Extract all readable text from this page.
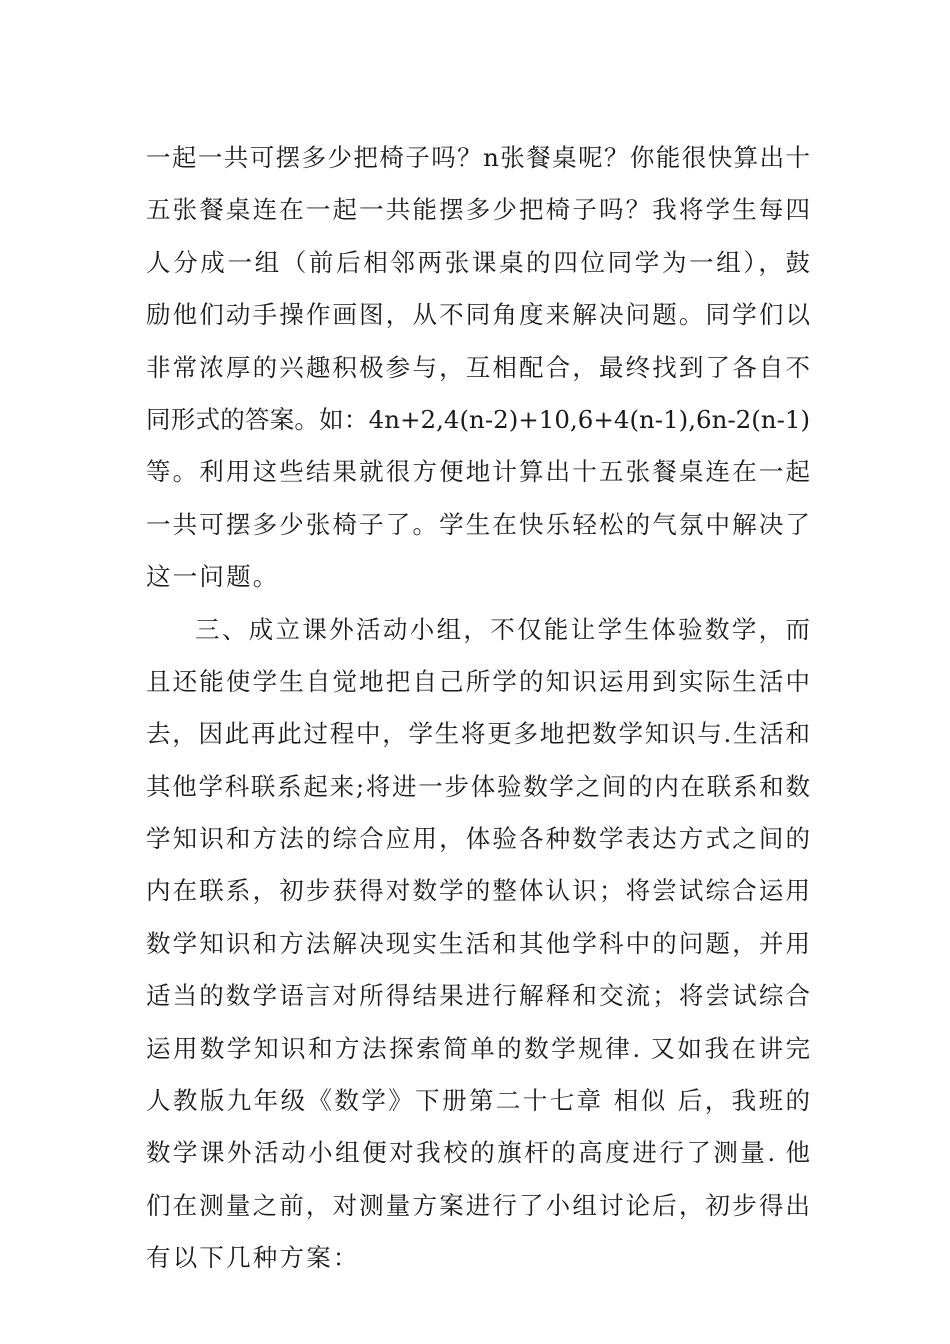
一起一共可摆多少把椅子吗？n张餐桌呢？你能很快算出十
五张餐桌连在一起一共能摆多少把椅子吗？我将学生每四
人分成一组（前后相邻两张课桌的四位同学为一组），鼓
励他们动手操作画图，从不同角度来解决问题。同学们以
非常浓厚的兴趣积极参与，互相配合，最终找到了各自不
同形式的答案。如：4n+2,4(n-2)+10,6+4(n-1),6n-2(n-1)
等。利用这些结果就很方便地计算出十五张餐桌连在一起
一共可摆多少张椅子了。学生在快乐轻松的气氛中解决了
这一问题。
三、成立课外活动小组，不仅能让学生体验数学，而
且还能使学生自觉地把自己所学的知识运用到实际生活中
去，因此再此过程中，学生将更多地把数学知识与.生活和
其他学科联系起来;将进一步体验数学之间的内在联系和数
学知识和方法的综合应用，体验各种数学表达方式之间的
内在联系，初步获得对数学的整体认识；将尝试综合运用
数学知识和方法解决现实生活和其他学科中的问题，并用
适当的数学语言对所得结果进行解释和交流；将尝试综合
运用数学知识和方法探索简单的数学规律. 又如我在讲完
人教版九年级《数学》下册第二十七章 相似 后，我班的
数学课外活动小组便对我校的旗杆的高度进行了测量. 他
们在测量之前，对测量方案进行了小组讨论后，初步得出
有以下几种方案：
